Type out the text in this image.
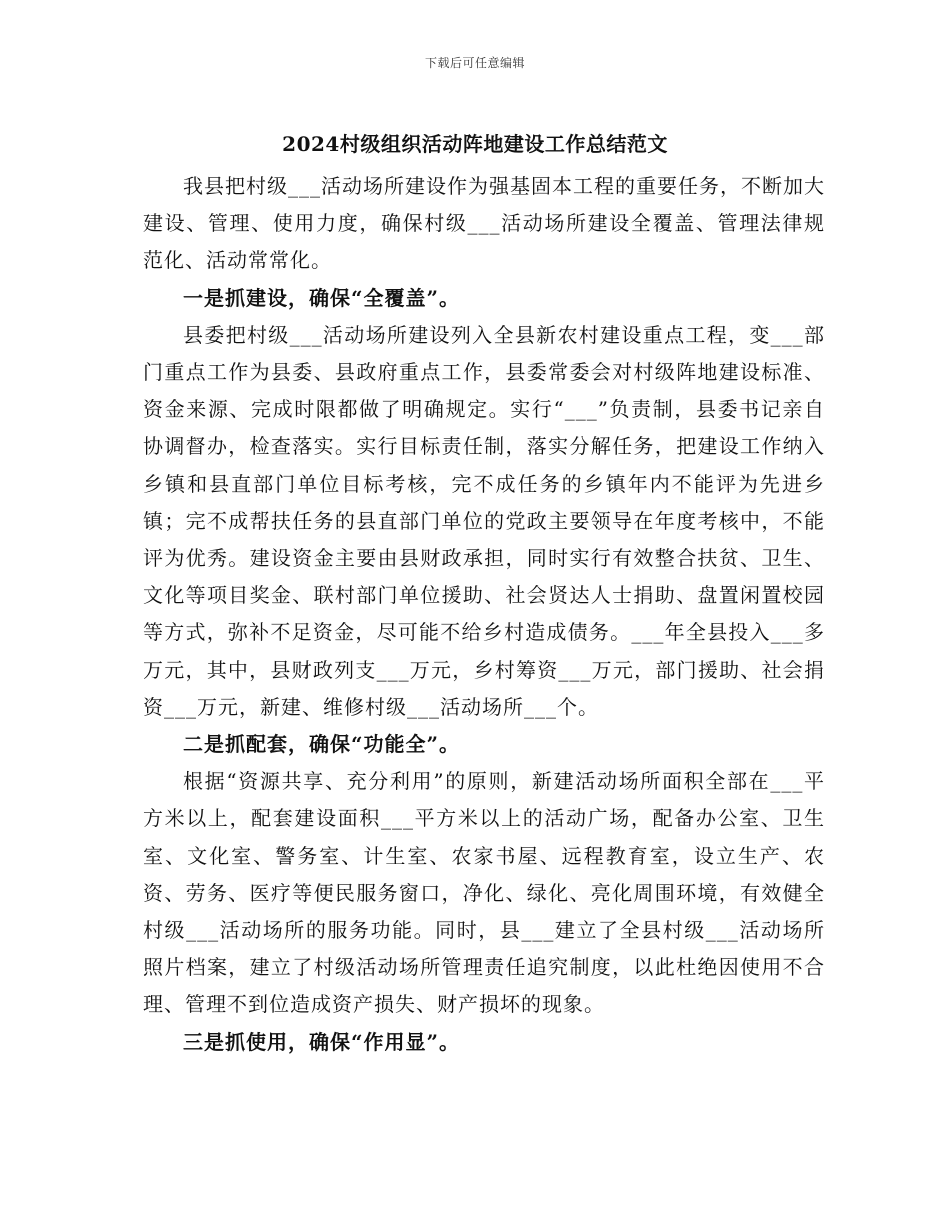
下载后可任意编辑
2024村级组织活动阵地建设工作总结范文

我县把村级___活动场所建设作为强基固本工程的重要任务，不断加大建设、管理、使用力度，确保村级___活动场所建设全覆盖、管理法律规范化、活动常常化。

一是抓建设，确保“全覆盖”。

县委把村级___活动场所建设列入全县新农村建设重点工程，变___部门重点工作为县委、县政府重点工作，县委常委会对村级阵地建设标准、资金来源、完成时限都做了明确规定。实行“___”负责制，县委书记亲自协调督办，检查落实。实行目标责任制，落实分解任务，把建设工作纳入乡镇和县直部门单位目标考核，完不成任务的乡镇年内不能评为先进乡镇；完不成帮扶任务的县直部门单位的党政主要领导在年度考核中，不能评为优秀。建设资金主要由县财政承担，同时实行有效整合扶贫、卫生、文化等项目奖金、联村部门单位援助、社会贤达人士捐助、盘置闲置校园等方式，弥补不足资金，尽可能不给乡村造成债务。___年全县投入___多万元，其中，县财政列支___万元，乡村筹资___万元，部门援助、社会捐资___万元，新建、维修村级___活动场所___个。

二是抓配套，确保“功能全”。

根据“资源共享、充分利用”的原则，新建活动场所面积全部在___平方米以上，配套建设面积___平方米以上的活动广场，配备办公室、卫生室、文化室、警务室、计生室、农家书屋、远程教育室，设立生产、农资、劳务、医疗等便民服务窗口，净化、绿化、亮化周围环境，有效健全村级___活动场所的服务功能。同时，县___建立了全县村级___活动场所照片档案，建立了村级活动场所管理责任追究制度，以此杜绝因使用不合理、管理不到位造成资产损失、财产损坏的现象。

三是抓使用，确保“作用显”。
